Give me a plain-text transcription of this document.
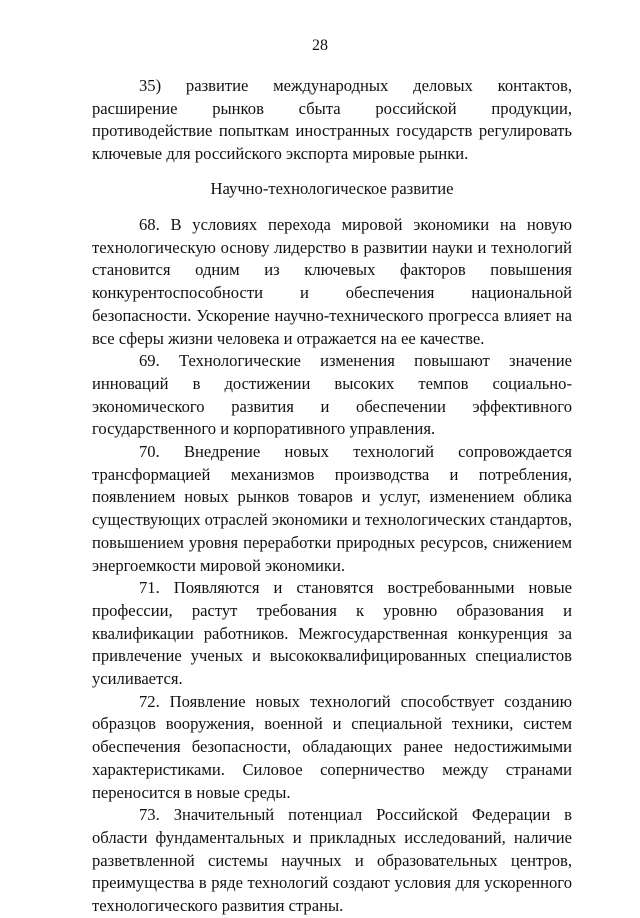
28

35) развитие международных деловых контактов, расширение рынков сбыта российской продукции, противодействие попыткам иностранных государств регулировать ключевые для российского экспорта мировые рынки.

Научно-технологическое развитие

68. В условиях перехода мировой экономики на новую технологическую основу лидерство в развитии науки и технологий становится одним из ключевых факторов повышения конкурентоспособности и обеспечения национальной безопасности. Ускорение научно-технического прогресса влияет на все сферы жизни человека и отражается на ее качестве.

69. Технологические изменения повышают значение инноваций в достижении высоких темпов социально-экономического развития и обеспечении эффективного государственного и корпоративного управления.

70. Внедрение новых технологий сопровождается трансформацией механизмов производства и потребления, появлением новых рынков товаров и услуг, изменением облика существующих отраслей экономики и технологических стандартов, повышением уровня переработки природных ресурсов, снижением энергоемкости мировой экономики.

71. Появляются и становятся востребованными новые профессии, растут требования к уровню образования и квалификации работников. Межгосударственная конкуренция за привлечение ученых и высококвалифицированных специалистов усиливается.

72. Появление новых технологий способствует созданию образцов вооружения, военной и специальной техники, систем обеспечения безопасности, обладающих ранее недостижимыми характеристиками. Силовое соперничество между странами переносится в новые среды.

73. Значительный потенциал Российской Федерации в области фундаментальных и прикладных исследований, наличие разветвленной системы научных и образовательных центров, преимущества в ряде технологий создают условия для ускоренного технологического развития страны.
